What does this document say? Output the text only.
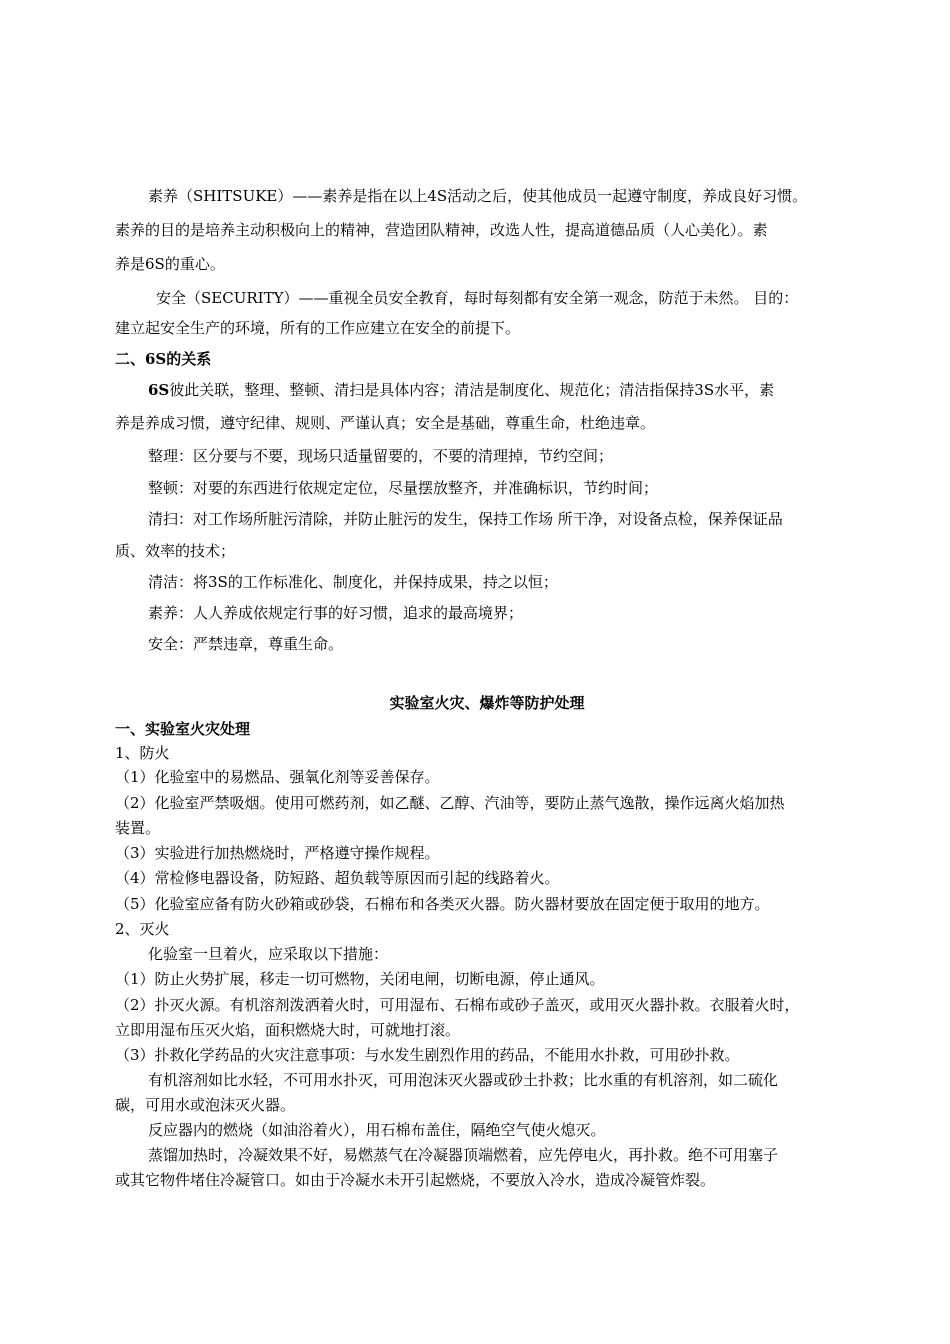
素养（SHITSUKE）——素养是指在以上4S活动之后，使其他成员一起遵守制度，养成良好习惯。
素养的目的是培养主动积极向上的精神，营造团队精神，改选人性，提高道德品质（人心美化）。素
养是6S的重心。
安全（SECURITY）——重视全员安全教育，每时每刻都有安全第一观念，防范于未然。 目的：
建立起安全生产的环境，所有的工作应建立在安全的前提下。
二、6S的关系
6S彼此关联，整理、整顿、清扫是具体内容；清洁是制度化、规范化；清洁指保持3S水平，素
养是养成习惯，遵守纪律、规则、严谨认真；安全是基础，尊重生命，杜绝违章。
整理：区分要与不要，现场只适量留要的，不要的清理掉，节约空间；
整顿：对要的东西进行依规定定位，尽量摆放整齐，并准确标识，节约时间；
清扫：对工作场所脏污清除，并防止脏污的发生，保持工作场 所干净，对设备点检，保养保证品
质、效率的技术；
清洁：将3S的工作标准化、制度化，并保持成果，持之以恒；
素养：人人养成依规定行事的好习惯，追求的最高境界；
安全：严禁违章，尊重生命。
实验室火灾、爆炸等防护处理
一、实验室火灾处理
1、防火
（1）化验室中的易燃品、强氧化剂等妥善保存。
（2）化验室严禁吸烟。使用可燃药剂，如乙醚、乙醇、汽油等，要防止蒸气逸散，操作远离火焰加热
装置。
（3）实验进行加热燃烧时，严格遵守操作规程。
（4）常检修电器设备，防短路、超负载等原因而引起的线路着火。
（5）化验室应备有防火砂箱或砂袋，石棉布和各类灭火器。防火器材要放在固定便于取用的地方。
2、灭火
化验室一旦着火，应采取以下措施：
（1）防止火势扩展，移走一切可燃物，关闭电闸，切断电源，停止通风。
（2）扑灭火源。有机溶剂泼洒着火时，可用湿布、石棉布或砂子盖灭，或用灭火器扑救。衣服着火时，
立即用湿布压灭火焰，面积燃烧大时，可就地打滚。
（3）扑救化学药品的火灾注意事项：与水发生剧烈作用的药品，不能用水扑救，可用砂扑救。
有机溶剂如比水轻，不可用水扑灭，可用泡沫灭火器或砂土扑救；比水重的有机溶剂，如二硫化
碳，可用水或泡沫灭火器。
反应器内的燃烧（如油浴着火），用石棉布盖住，隔绝空气使火熄灭。
蒸馏加热时，冷凝效果不好，易燃蒸气在冷凝器顶端燃着，应先停电火，再扑救。绝不可用塞子
或其它物件堵住冷凝管口。如由于冷凝水未开引起燃烧，不要放入冷水，造成冷凝管炸裂。
